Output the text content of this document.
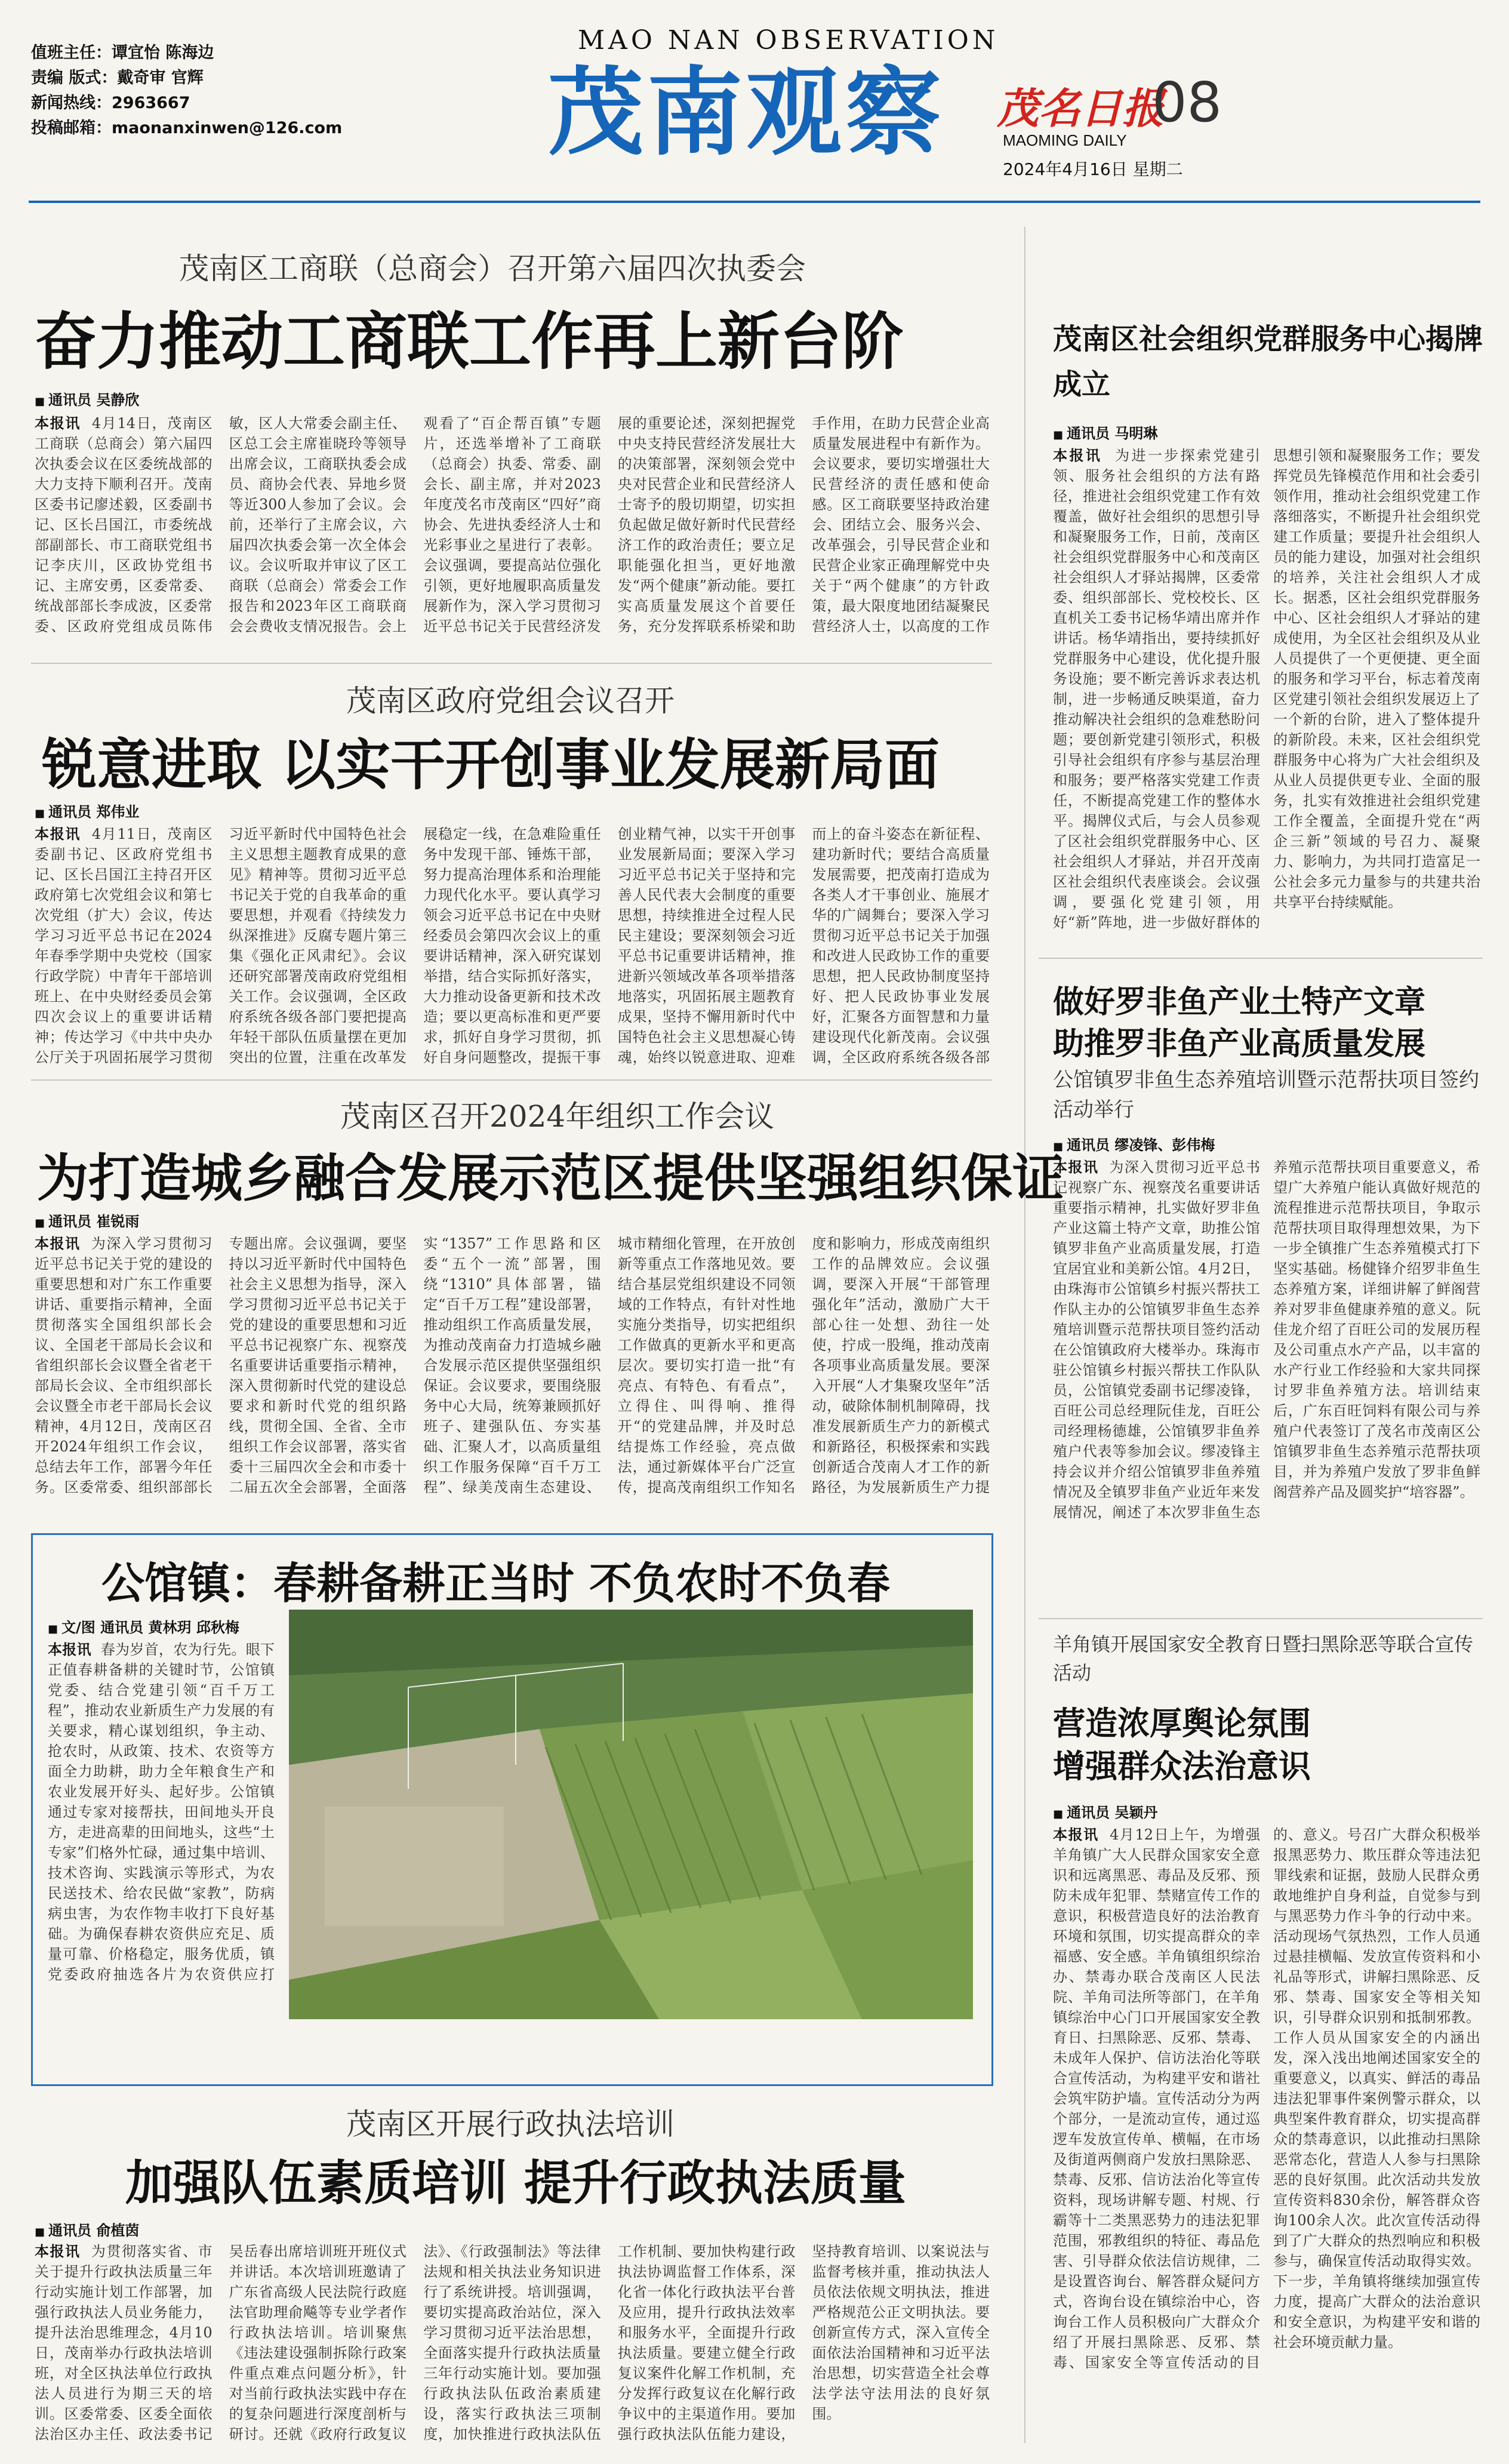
值班主任：谭宜怡 陈海边
责编 版式：戴奇审 官辉
新闻热线：2963667
投稿邮箱：maonanxinwen@126.com
MAO NAN OBSERVATION
茂南观察 茂名日报
08
MAOMING DAILY
2024年4月16日 星期二
茂南区工商联（总商会）召开第六届四次执委会
奋力推动工商联工作再上新台阶
■ 通讯员 吴静欣
本报讯 4月14日，茂南区工商联（总商会）第六届四次执委会议在区委统战部的大力支持下顺利召开。茂南区委书记廖述毅，区委副书记、区长吕国江，市委统战部副部长、市工商联党组书记李庆川，区政协党组书记、主席安勇，区委常委、统战部部长李成波，区委常委、区政府党组成员陈伟敏，区人大常委会副主任、区总工会主席崔晓玲等领导出席会议，工商联执委会成员、商协会代表、异地乡贤等近300人参加了会议。会前，还举行了主席会议，六届四次执委会第一次全体会议。会议听取并审议了区工商联（总商会）常委会工作报告和2023年区工商联商会会费收支情况报告。会上观看了“百企帮百镇”专题片，还选举增补了工商联（总商会）执委、常委、副会长、副主席，并对2023年度茂名市茂南区“四好”商协会、先进执委经济人士和光彩事业之星进行了表彰。会议强调，要提高站位强化引领，更好地履职高质量发展新作为，深入学习贯彻习近平总书记关于民营经济发展的重要论述，深刻把握党中央支持民营经济发展壮大的决策部署，深刻领会党中央对民营企业和民营经济人士寄予的殷切期望，切实担负起做足做好新时代民营经济工作的政治责任；要立足职能强化担当，更好地激发“两个健康”新动能。要扛实高质量发展这个首要任务，充分发挥联系桥梁和助手作用，在助力民营企业高质量发展进程中有新作为。会议要求，要切实增强壮大民营经济的责任感和使命感。区工商联要坚持政治建会、团结立会、服务兴会、改革强会，引导民营企业和民营企业家正确理解党中央关于“两个健康”的方针政策，最大限度地团结凝聚民营经济人士，以高度的工作
茂南区政府党组会议召开
锐意进取 以实干开创事业发展新局面
■ 通讯员 郑伟业
本报讯 4月11日，茂南区委副书记、区政府党组书记、区长吕国江主持召开区政府第七次党组会议和第七次党组（扩大）会议，传达学习习近平总书记在2024年春季学期中央党校（国家行政学院）中青年干部培训班上、在中央财经委员会第四次会议上的重要讲话精神；传达学习《中共中央办公厅关于巩固拓展学习贯彻习近平新时代中国特色社会主义思想主题教育成果的意见》精神等。贯彻习近平总书记关于党的自我革命的重要思想，并观看《持续发力纵深推进》反腐专题片第三集《强化正风肃纪》。会议还研究部署茂南政府党组相关工作。会议强调，全区政府系统各级各部门要把提高年轻干部队伍质量摆在更加突出的位置，注重在改革发展稳定一线，在急难险重任务中发现干部、锤炼干部，努力提高治理体系和治理能力现代化水平。要认真学习领会习近平总书记在中央财经委员会第四次会议上的重要讲话精神，深入研究谋划举措，结合实际抓好落实，大力推动设备更新和技术改造；要以更高标准和更严要求，抓好自身学习贯彻，抓好自身问题整改，提振干事创业精气神，以实干开创事业发展新局面；要深入学习习近平总书记关于坚持和完善人民代表大会制度的重要思想，持续推进全过程人民民主建设；要深刻领会习近平总书记重要讲话精神，推进新兴领域改革各项举措落地落实，巩固拓展主题教育成果，坚持不懈用新时代中国特色社会主义思想凝心铸魂，始终以锐意进取、迎难而上的奋斗姿态在新征程、建功新时代；要结合高质量发展需要，把茂南打造成为各类人才干事创业、施展才华的广阔舞台；要深入学习贯彻习近平总书记关于加强和改进人民政协工作的重要思想，把人民政协制度坚持好、把人民政协事业发展好，汇聚各方面智慧和力量建设现代化新茂南。会议强调，全区政府系统各级各部
茂南区召开2024年组织工作会议
为打造城乡融合发展示范区提供坚强组织保证
■ 通讯员 崔锐雨
本报讯 为深入学习贯彻习近平总书记关于党的建设的重要思想和对广东工作重要讲话、重要指示精神，全面贯彻落实全国组织部长会议、全国老干部局长会议和省组织部长会议暨全省老干部局长会议、全市组织部长会议暨全市老干部局长会议精神，4月12日，茂南区召开2024年组织工作会议，总结去年工作，部署今年任务。区委常委、组织部部长专题出席。会议强调，要坚持以习近平新时代中国特色社会主义思想为指导，深入学习贯彻习近平总书记关于党的建设的重要思想和习近平总书记视察广东、视察茂名重要讲话重要指示精神，深入贯彻新时代党的建设总要求和新时代党的组织路线，贯彻全国、全省、全市组织工作会议部署，落实省委十三届四次全会和市委十二届五次全会部署，全面落实“1357”工作思路和区委“五个一流”部署，围绕“1310”具体部署，锚定“百千万工程”建设部署，推动组织工作高质量发展，为推动茂南奋力打造城乡融合发展示范区提供坚强组织保证。会议要求，要围绕服务中心大局，统筹兼顾抓好班子、建强队伍、夯实基础、汇聚人才，以高质量组织工作服务保障“百千万工程”、绿美茂南生态建设、城市精细化管理，在开放创新等重点工作落地见效。要结合基层党组织建设不同领域的工作特点，有针对性地实施分类指导，切实把组织工作做真的更新水平和更高层次。要切实打造一批“有亮点、有特色、有看点”，立得住、叫得响、推得开“的党建品牌，并及时总结提炼工作经验，亮点做法，通过新媒体平台广泛宣传，提高茂南组织工作知名度和影响力，形成茂南组织工作的品牌效应。会议强调，要深入开展“干部管理强化年”活动，激励广大干部心往一处想、劲往一处使，拧成一股绳，推动茂南各项事业高质量发展。要深入开展“人才集聚攻坚年”活动，破除体制机制障碍，找准发展新质生产力的新模式和新路径，积极探索和实践创新适合茂南人才工作的新路径，为发展新质生产力提
公馆镇：春耕备耕正当时 不负农时不负春
■ 文/图 通讯员 黄林玥 邱秋梅
本报讯 春为岁首，农为行先。眼下正值春耕备耕的关键时节，公馆镇党委、结合党建引领“百千万工程”，推动农业新质生产力发展的有关要求，精心谋划组织，争主动、抢农时，从政策、技术、农资等方面全力助耕，助力全年粮食生产和农业发展开好头、起好步。公馆镇通过专家对接帮扶，田间地头开良方，走进高辈的田间地头，这些“土专家”们格外忙碌，通过集中培训、技术咨询、实践演示等形式，为农民送技术、给农民做“家教”，防病病虫害，为农作物丰收打下良好基础。为确保春耕农资供应充足、质量可靠、价格稳定，服务优质，镇党委政府抽选各片为农资供应打
茂南区开展行政执法培训
加强队伍素质培训 提升行政执法质量
■ 通讯员 俞植茵
本报讯 为贯彻落实省、市关于提升行政执法质量三年行动实施计划工作部署，加强行政执法人员业务能力，提升法治思维理念，4月10日，茂南举办行政执法培训班，对全区执法单位行政执法人员进行为期三天的培训。区委常委、区委全面依法治区办主任、政法委书记吴岳春出席培训班开班仪式并讲话。本次培训班邀请了广东省高级人民法院行政庭法官助理俞飚等专业学者作行政执法培训。培训聚焦《违法建设强制拆除行政案件重点难点问题分析》，针对当前行政执法实践中存在的复杂问题进行深度剖析与研讨。还就《政府行政复议法》、《行政强制法》等法律法规和相关执法业务知识进行了系统讲授。培训强调，要切实提高政治站位，深入学习贯彻习近平法治思想，全面落实提升行政执法质量三年行动实施计划。要加强行政执法队伍政治素质建设，落实行政执法三项制度，加快推进行政执法队伍工作机制、要加快构建行政执法协调监督工作体系，深化省一体化行政执法平台普及应用，提升行政执法效率和服务水平，全面提升行政执法质量。要建立健全行政复议案件化解工作机制，充分发挥行政复议在化解行政争议中的主渠道作用。要加强行政执法队伍能力建设，坚持教育培训、以案说法与监督考核并重，推动执法人员依法依规文明执法，推进严格规范公正文明执法。要创新宣传方式，深入宣传全面依法治国精神和习近平法治思想，切实营造全社会尊法学法守法用法的良好氛围。
茂南区社会组织党群服务中心揭牌成立
■ 通讯员 马明琳
本报讯 为进一步探索党建引领、服务社会组织的方法有路径，推进社会组织党建工作有效覆盖，做好社会组织的思想引导和凝聚服务工作，日前，茂南区社会组织党群服务中心和茂南区社会组织人才驿站揭牌，区委常委、组织部部长、党校校长、区直机关工委书记杨华靖出席并作讲话。杨华靖指出，要持续抓好党群服务中心建设，优化提升服务设施；要不断完善诉求表达机制，进一步畅通反映渠道，奋力推动解决社会组织的急难愁盼问题；要创新党建引领形式，积极引导社会组织有序参与基层治理和服务；要严格落实党建工作责任，不断提高党建工作的整体水平。揭牌仪式后，与会人员参观了区社会组织党群服务中心、区社会组织人才驿站，并召开茂南区社会组织代表座谈会。会议强调，要强化党建引领，用好“新”阵地，进一步做好群体的思想引领和凝聚服务工作；要发挥党员先锋模范作用和社会委引领作用，推动社会组织党建工作落细落实，不断提升社会组织党建工作质量；要提升社会组织人员的能力建设，加强对社会组织的培养，关注社会组织人才成长。据悉，区社会组织党群服务中心、区社会组织人才驿站的建成使用，为全区社会组织及从业人员提供了一个更便捷、更全面的服务和学习平台，标志着茂南区党建引领社会组织发展迈上了一个新的台阶，进入了整体提升的新阶段。未来，区社会组织党群服务中心将为广大社会组织及从业人员提供更专业、全面的服务，扎实有效推进社会组织党建工作全覆盖，全面提升党在“两企三新”领域的号召力、凝聚力、影响力，为共同打造富足一公社会多元力量参与的共建共治共享平台持续赋能。
做好罗非鱼产业土特产文章
助推罗非鱼产业高质量发展
公馆镇罗非鱼生态养殖培训暨示范帮扶项目签约活动举行
■ 通讯员 缪凌锋、彭伟梅
本报讯 为深入贯彻习近平总书记视察广东、视察茂名重要讲话重要指示精神，扎实做好罗非鱼产业这篇土特产文章，助推公馆镇罗非鱼产业高质量发展，打造宜居宜业和美新公馆。4月2日，由珠海市公馆镇乡村振兴帮扶工作队主办的公馆镇罗非鱼生态养殖培训暨示范帮扶项目签约活动在公馆镇政府大楼举办。珠海市驻公馆镇乡村振兴帮扶工作队队员，公馆镇党委副书记缪凌锋，百旺公司总经理阮佳龙，百旺公司经理杨德雄，公馆镇罗非鱼养殖户代表等参加会议。缪凌锋主持会议并介绍公馆镇罗非鱼养殖情况及全镇罗非鱼产业近年来发展情况，阐述了本次罗非鱼生态养殖示范帮扶项目重要意义，希望广大养殖户能认真做好规范的流程推进示范帮扶项目，争取示范帮扶项目取得理想效果，为下一步全镇推广生态养殖模式打下坚实基础。杨健锋介绍罗非鱼生态养殖方案，详细讲解了鲜阁营养对罗非鱼健康养殖的意义。阮佳龙介绍了百旺公司的发展历程及公司重点水产产品，以丰富的水产行业工作经验和大家共同探讨罗非鱼养殖方法。培训结束后，广东百旺饲料有限公司与养殖户代表签订了茂名市茂南区公馆镇罗非鱼生态养殖示范帮扶项目，并为养殖户发放了罗非鱼鲜阁营养产品及圆奖护“培容器”。
羊角镇开展国家安全教育日暨扫黑除恶等联合宣传活动
营造浓厚舆论氛围
增强群众法治意识
■ 通讯员 吴颖丹
本报讯 4月12日上午，为增强羊角镇广大人民群众国家安全意识和远离黑恶、毒品及反邪、预防未成年犯罪、禁赌宣传工作的意识，积极营造良好的法治教育环境和氛围，切实提高群众的幸福感、安全感。羊角镇组织综治办、禁毒办联合茂南区人民法院、羊角司法所等部门，在羊角镇综治中心门口开展国家安全教育日、扫黑除恶、反邪、禁毒、未成年人保护、信访法治化等联合宣传活动，为构建平安和谐社会筑牢防护墙。宣传活动分为两个部分，一是流动宣传，通过巡逻车发放宣传单、横幅，在市场及街道两侧商户发放扫黑除恶、禁毒、反邪、信访法治化等宣传资料，现场讲解专题、村规、行霸等十二类黑恶势力的违法犯罪范围，邪教组织的特征、毒品危害、引导群众依法信访规律，二是设置咨询台、解答群众疑问方式，咨询台设在镇综治中心，咨询台工作人员积极向广大群众介绍了开展扫黑除恶、反邪、禁毒、国家安全等宣传活动的目的、意义。号召广大群众积极举报黑恶势力、欺压群众等违法犯罪线索和证据，鼓励人民群众勇敢地维护自身利益，自觉参与到与黑恶势力作斗争的行动中来。活动现场气氛热烈，工作人员通过悬挂横幅、发放宣传资料和小礼品等形式，讲解扫黑除恶、反邪、禁毒、国家安全等相关知识，引导群众识别和抵制邪教。工作人员从国家安全的内涵出发，深入浅出地阐述国家安全的重要意义，以真实、鲜活的毒品违法犯罪事件案例警示群众，以典型案件教育群众，切实提高群众的禁毒意识，以此推动扫黑除恶常态化，营造人人参与扫黑除恶的良好氛围。此次活动共发放宣传资料830余份，解答群众咨询100余人次。此次宣传活动得到了广大群众的热烈响应和积极参与，确保宣传活动取得实效。下一步，羊角镇将继续加强宣传力度，提高广大群众的法治意识和安全意识，为构建平安和谐的社会环境贡献力量。
